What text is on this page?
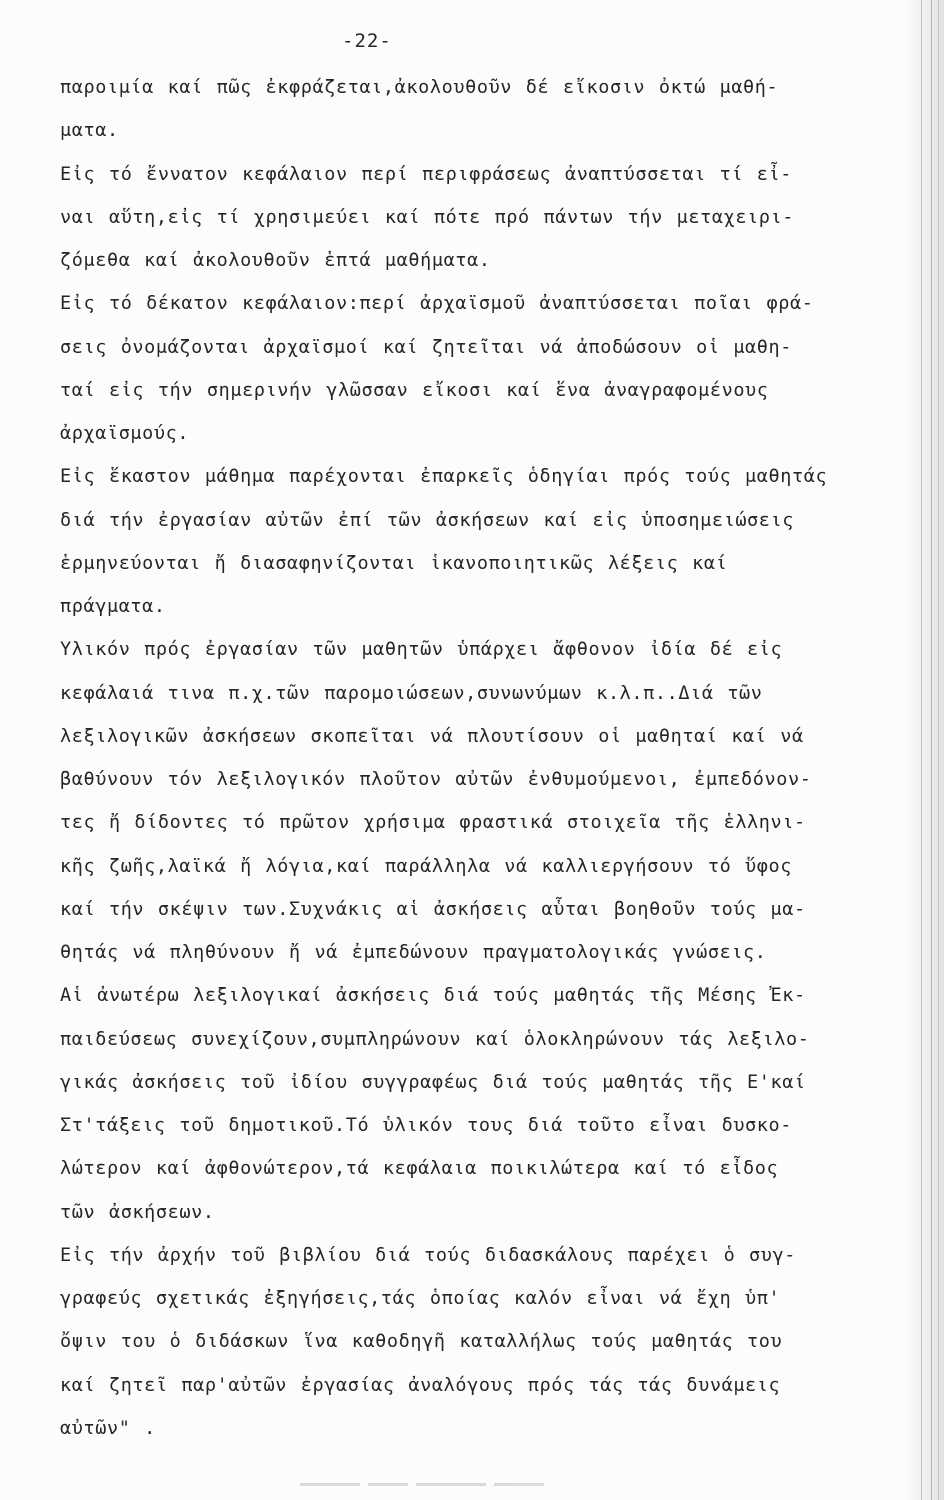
-22-
παροιμία καί πῶς ἐκφράζεται,ἀκολουθοῦν δέ εἴκοσιν ὀκτώ μαθή-
ματα.
Εἰς τό ἔννατον κεφάλαιον περί περιφράσεως ἀναπτύσσεται τί εἶ-
ναι αὕτη,εἰς τί χρησιμεύει καί πότε πρό πάντων τήν μεταχειρι-
ζόμεθα καί ἀκολουθοῦν ἑπτά μαθήματα.
Εἰς τό δέκατον κεφάλαιον:περί ἀρχαϊσμοῦ ἀναπτύσσεται ποῖαι φρά-
σεις ὀνομάζονται ἀρχαϊσμοί καί ζητεῖται νά ἀποδώσουν οἱ μαθη-
ταί εἰς τήν σημερινήν γλῶσσαν εἴκοσι καί ἕνα ἀναγραφομένους
ἀρχαϊσμούς.
Εἰς ἕκαστον μάθημα παρέχονται ἐπαρκεῖς ὁδηγίαι πρός τούς μαθητάς
διά τήν ἐργασίαν αὐτῶν ἐπί τῶν ἀσκήσεων καί εἰς ὑποσημειώσεις
ἑρμηνεύονται ἤ διασαφηνίζονται ἱκανοποιητικῶς λέξεις καί
πράγματα.
Ὑλικόν πρός ἐργασίαν τῶν μαθητῶν ὑπάρχει ἄφθονον ἰδία δέ εἰς
κεφάλαιά τινα π.χ.τῶν παρομοιώσεων,συνωνύμων κ.λ.π..Διά τῶν
λεξιλογικῶν ἀσκήσεων σκοπεῖται νά πλουτίσουν οἱ μαθηταί καί νά
βαθύνουν τόν λεξιλογικόν πλοῦτον αὐτῶν ἐνθυμούμενοι, ἐμπεδόνον-
τες ἤ δίδοντες τό πρῶτον χρήσιμα φραστικά στοιχεῖα τῆς ἑλληνι-
κῆς ζωῆς,λαϊκά ἤ λόγια,καί παράλληλα νά καλλιεργήσουν τό ὕφος
καί τήν σκέψιν των.Συχνάκις αἱ ἀσκήσεις αὗται βοηθοῦν τούς μα-
θητάς νά πληθύνουν ἤ νά ἐμπεδώνουν πραγματολογικάς γνώσεις.
Αἱ ἀνωτέρω λεξιλογικαί ἀσκήσεις διά τούς μαθητάς τῆς Μέσης Ἐκ-
παιδεύσεως συνεχίζουν,συμπληρώνουν καί ὁλοκληρώνουν τάς λεξιλο-
γικάς ἀσκήσεις τοῦ ἰδίου συγγραφέως διά τούς μαθητάς τῆς Ε'καί
Στ'τάξεις τοῦ δημοτικοῦ.Τό ὑλικόν τους διά τοῦτο εἶναι δυσκο-
λώτερον καί ἀφθονώτερον,τά κεφάλαια ποικιλώτερα καί τό εἶδος
τῶν ἀσκήσεων.
Εἰς τήν ἀρχήν τοῦ βιβλίου διά τούς διδασκάλους παρέχει ὁ συγ-
γραφεύς σχετικάς ἐξηγήσεις,τάς ὁποίας καλόν εἶναι νά ἔχη ὑπ'
ὄψιν του ὁ διδάσκων ἵνα καθοδηγῆ καταλλήλως τούς μαθητάς του
καί ζητεῖ παρ'αὐτῶν ἐργασίας ἀναλόγους πρός τάς τάς δυνάμεις
αὐτῶν" .
